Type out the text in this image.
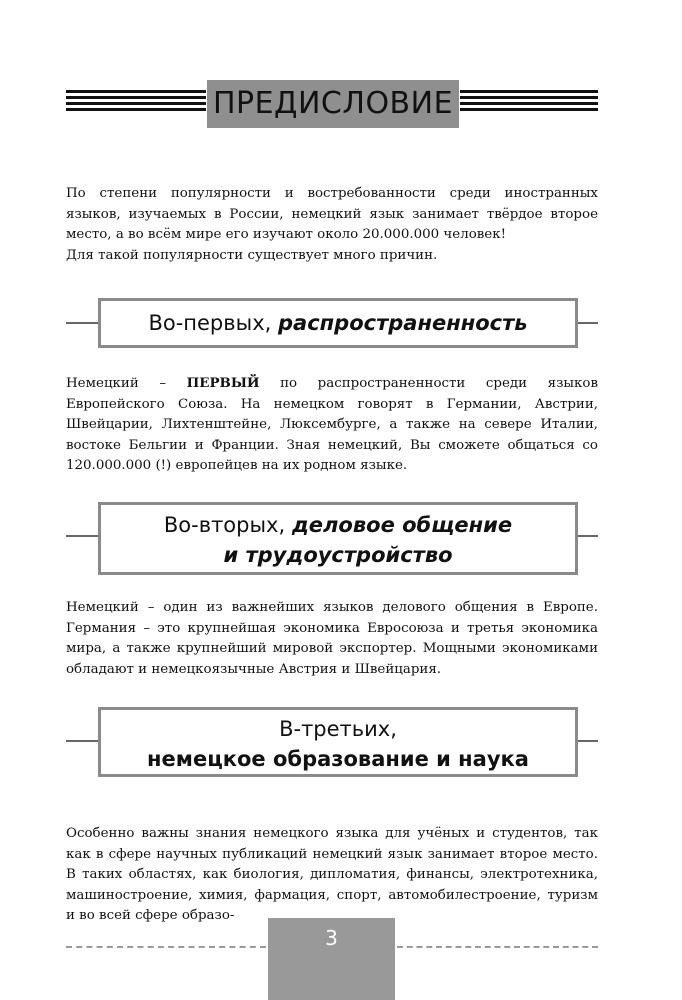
ПРЕДИСЛОВИЕ

По степени популярности и востребованности среди иностранных языков, изучаемых в России, немецкий язык занимает твёрдое второе место, а во всём мире его изучают около 20.000.000 человек!

Для такой популярности существует много причин.

Во-первых, распространенность

Немецкий – ПЕРВЫЙ по распространенности среди языков Европейского Союза. На немецком говорят в Германии, Австрии, Швейцарии, Лихтенштейне, Люксембурге, а также на севере Италии, востоке Бельгии и Франции. Зная немецкий, Вы сможете общаться со 120.000.000 (!) европейцев на их родном языке.

Во-вторых, деловое общение
и трудоустройство

Немецкий – один из важнейших языков делового общения в Европе. Германия – это крупнейшая экономика Евросоюза и третья экономика мира, а также крупнейший мировой экспортер. Мощными экономиками обладают и немецкоязычные Австрия и Швейцария.

В-третьих,
немецкое образование и наука

Особенно важны знания немецкого языка для учёных и студентов, так как в сфере научных публикаций немецкий язык занимает второе место. В таких областях, как биология, дипломатия, финансы, электротехника, машиностроение, химия, фармация, спорт, автомобилестроение, туризм и во всей сфере образо-

3
